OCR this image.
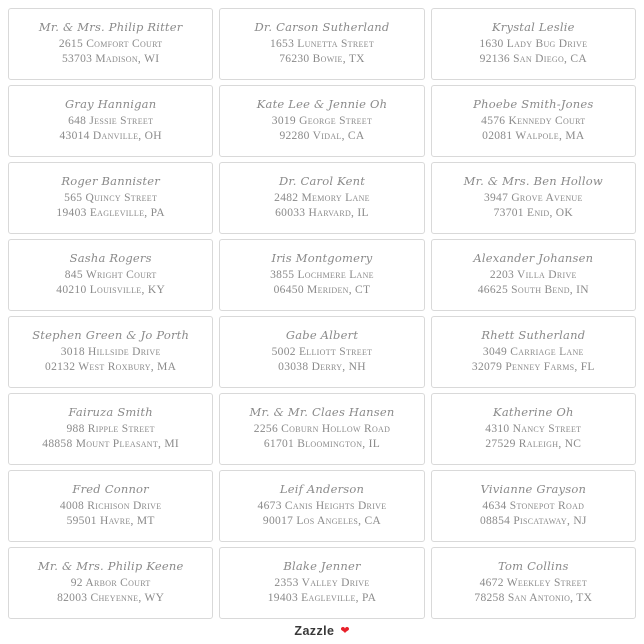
Mr. & Mrs. Philip Ritter
2615 Comfort Court
53703 Madison, WI
Dr. Carson Sutherland
1653 Lunetta Street
76230 Bowie, TX
Krystal Leslie
1630 Lady Bug Drive
92136 San Diego, CA
Gray Hannigan
648 Jessie Street
43014 Danville, OH
Kate Lee & Jennie Oh
3019 George Street
92280 Vidal, CA
Phoebe Smith-Jones
4576 Kennedy Court
02081 Walpole, MA
Roger Bannister
565 Quincy Street
19403 Eagleville, PA
Dr. Carol Kent
2482 Memory Lane
60033 Harvard, IL
Mr. & Mrs. Ben Hollow
3947 Grove Avenue
73701 Enid, OK
Sasha Rogers
845 Wright Court
40210 Louisville, KY
Iris Montgomery
3855 Lochmere Lane
06450 Meriden, CT
Alexander Johansen
2203 Villa Drive
46625 South Bend, IN
Stephen Green & Jo Porth
3018 Hillside Drive
02132 West Roxbury, MA
Gabe Albert
5002 Elliott Street
03038 Derry, NH
Rhett Sutherland
3049 Carriage Lane
32079 Penney Farms, FL
Fairuza Smith
988 Ripple Street
48858 Mount Pleasant, MI
Mr. & Mr. Claes Hansen
2256 Coburn Hollow Road
61701 Bloomington, IL
Katherine Oh
4310 Nancy Street
27529 Raleigh, NC
Fred Connor
4008 Richison Drive
59501 Havre, MT
Leif Anderson
4673 Canis Heights Drive
90017 Los Angeles, CA
Vivianne Grayson
4634 Stonepot Road
08854 Piscataway, NJ
Mr. & Mrs. Philip Keene
92 Arbor Court
82003 Cheyenne, WY
Blake Jenner
2353 Valley Drive
19403 Eagleville, PA
Tom Collins
4672 Weekley Street
78258 San Antonio, TX
Zazzle ❤
